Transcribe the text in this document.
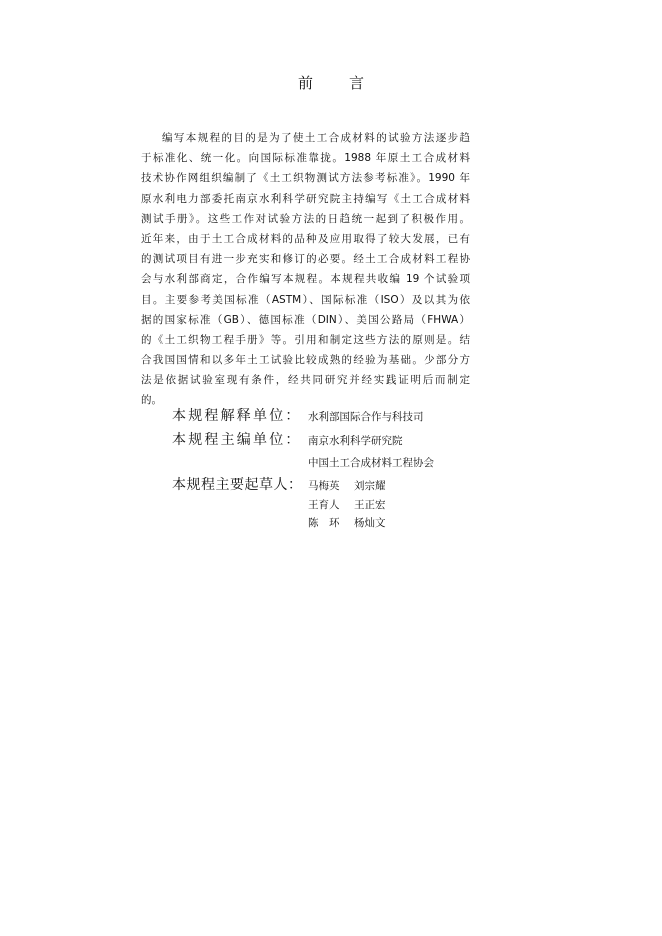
前 言
编写本规程的目的是为了使土工合成材料的试验方法逐步趋
于标准化、统一化。向国际标准靠拢。1988 年原土工合成材料
技术协作网组织编制了《土工织物测试方法参考标准》。1990 年
原水利电力部委托南京水利科学研究院主持编写《土工合成材料
测试手册》。这些工作对试验方法的日趋统一起到了积极作用。
近年来，由于土工合成材料的品种及应用取得了较大发展，已有
的测试项目有进一步充实和修订的必要。经土工合成材料工程协
会与水利部商定，合作编写本规程。本规程共收编 19 个试验项
目。主要参考美国标准（ASTM）、国际标准（ISO）及以其为依
据的国家标准（GB）、德国标准（DIN）、美国公路局（FHWA）
的《土工织物工程手册》等。引用和制定这些方法的原则是。结
合我国国情和以多年土工试验比较成熟的经验为基础。少部分方
法是依据试验室现有条件，经共同研究并经实践证明后而制定
的。
本规程解释单位： 水利部国际合作与科技司
本规程主编单位： 南京水利科学研究院
中国土工合成材料工程协会
本规程主要起草人： 马梅英 刘宗耀
王育人 王正宏
陈　环 杨灿文
